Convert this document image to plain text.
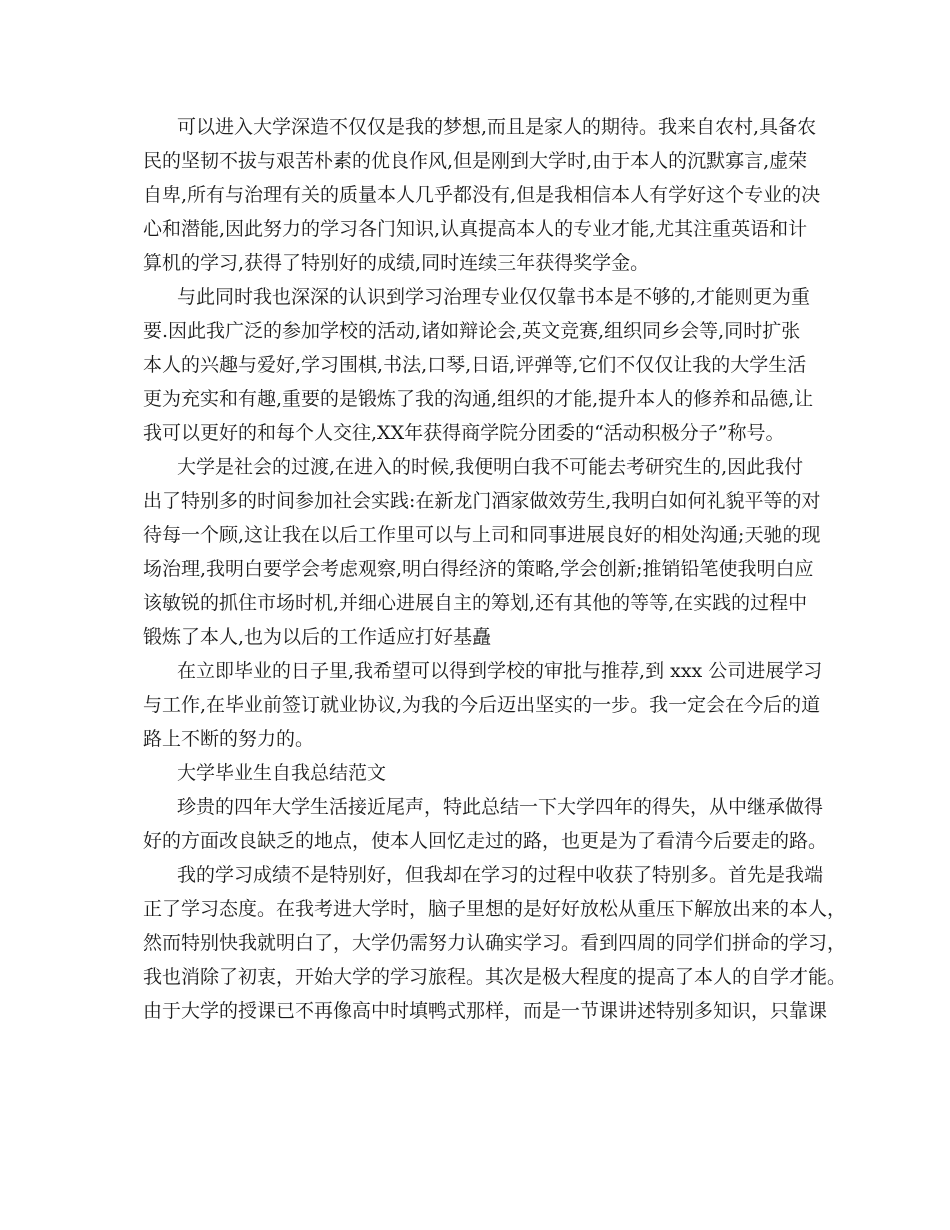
可以进入大学深造不仅仅是我的梦想,而且是家人的期待。我来自农村,具备农
民的坚韧不拔与艰苦朴素的优良作风,但是刚到大学时,由于本人的沉默寡言,虚荣
自卑,所有与治理有关的质量本人几乎都没有,但是我相信本人有学好这个专业的决
心和潜能,因此努力的学习各门知识,认真提高本人的专业才能,尤其注重英语和计
算机的学习,获得了特别好的成绩,同时连续三年获得奖学金。
与此同时我也深深的认识到学习治理专业仅仅靠书本是不够的,才能则更为重
要.因此我广泛的参加学校的活动,诸如辩论会,英文竞赛,组织同乡会等,同时扩张
本人的兴趣与爱好,学习围棋,书法,口琴,日语,评弹等,它们不仅仅让我的大学生活
更为充实和有趣,重要的是锻炼了我的沟通,组织的才能,提升本人的修养和品德,让
我可以更好的和每个人交往,XX年获得商学院分团委的“活动积极分子”称号。
大学是社会的过渡,在进入的时候,我便明白我不可能去考研究生的,因此我付
出了特别多的时间参加社会实践:在新龙门酒家做效劳生,我明白如何礼貌平等的对
待每一个顾,这让我在以后工作里可以与上司和同事进展良好的相处沟通;天驰的现
场治理,我明白要学会考虑观察,明白得经济的策略,学会创新;推销铅笔使我明白应
该敏锐的抓住市场时机,并细心进展自主的筹划,还有其他的等等,在实践的过程中
锻炼了本人,也为以后的工作适应打好基矗
在立即毕业的日子里,我希望可以得到学校的审批与推荐,到 xxx 公司进展学习
与工作,在毕业前签订就业协议,为我的今后迈出坚实的一步。我一定会在今后的道
路上不断的努力的。
大学毕业生自我总结范文
珍贵的四年大学生活接近尾声，特此总结一下大学四年的得失，从中继承做得
好的方面改良缺乏的地点，使本人回忆走过的路，也更是为了看清今后要走的路。
我的学习成绩不是特别好，但我却在学习的过程中收获了特别多。首先是我端
正了学习态度。在我考进大学时，脑子里想的是好好放松从重压下解放出来的本人，
然而特别快我就明白了，大学仍需努力认确实学习。看到四周的同学们拼命的学习，
我也消除了初衷，开始大学的学习旅程。其次是极大程度的提高了本人的自学才能。
由于大学的授课已不再像高中时填鸭式那样，而是一节课讲述特别多知识，只靠课
